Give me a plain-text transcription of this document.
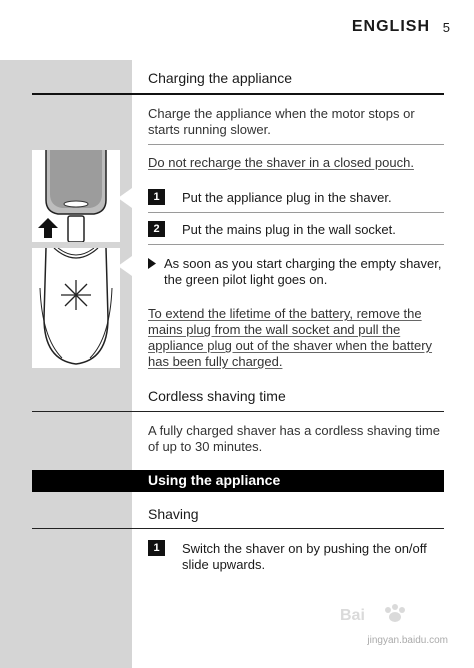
ENGLISH 5
Charging the appliance
Charge the appliance when the motor stops or starts running slower.
Do not recharge the shaver in a closed pouch.
1	Put the appliance plug in the shaver.
2	Put the mains plug in the wall socket.
As soon as you start charging the empty shaver, the green pilot light goes on.
To extend the lifetime of the battery, remove the mains plug from the wall socket and pull the appliance plug out of the shaver when the battery has been fully charged.
Cordless shaving time
A fully charged shaver has a cordless shaving time of up to 30 minutes.
Using the appliance
Shaving
1	Switch the shaver on by pushing the on/off slide upwards.
Bai
jingyan.baidu.com
